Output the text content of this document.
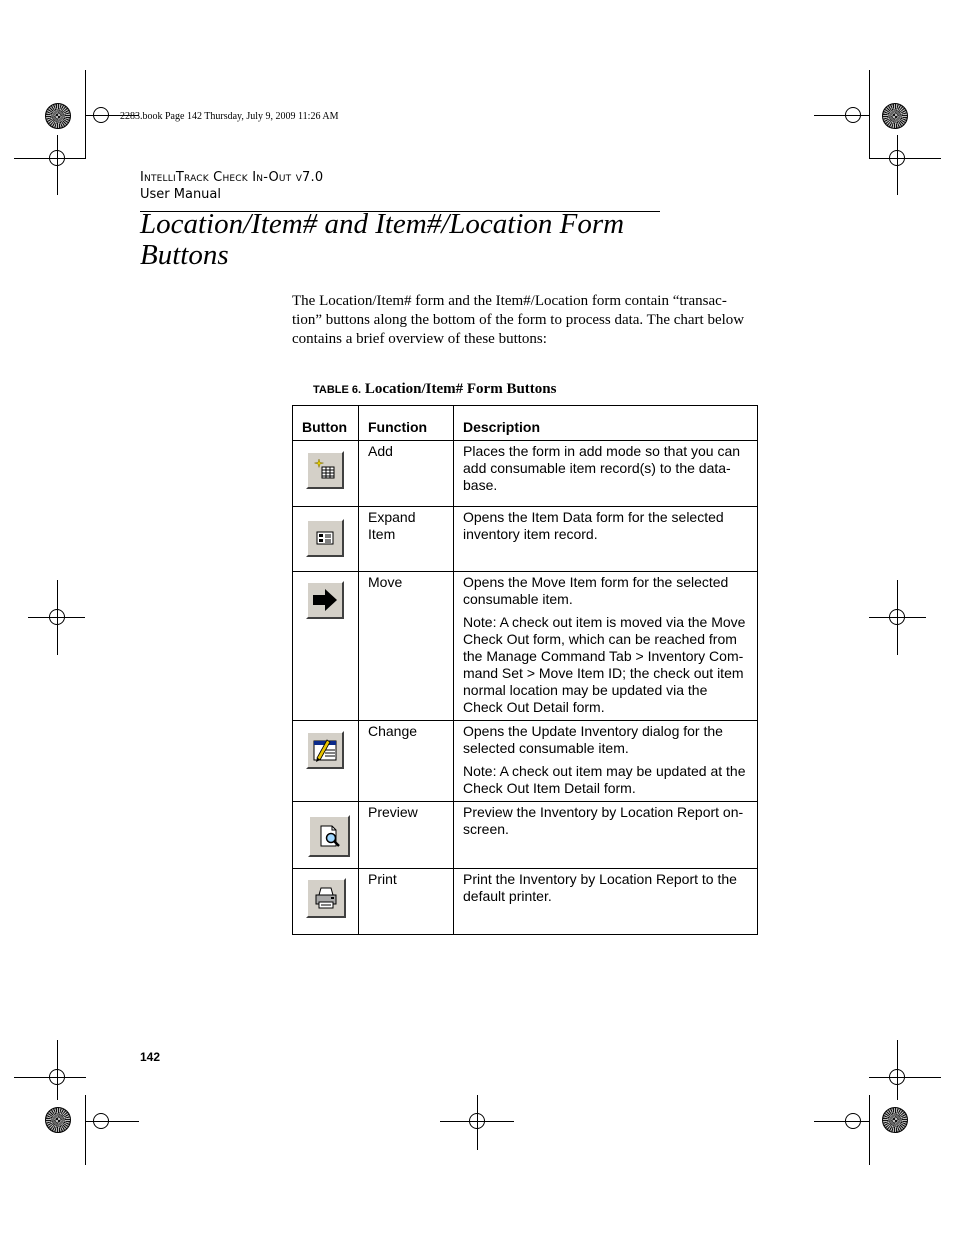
2283.book Page 142 Thursday, July 9, 2009 11:26 AM
IntelliTrack Check In-Out v7.0
User Manual
Location/Item# and Item#/Location Form
Buttons
The Location/Item# form and the Item#/Location form contain “transac-
tion” buttons along the bottom of the form to process data. The chart below
contains a brief overview of these buttons:
TABLE 6. Location/Item# Form Buttons
Button	Function	Description

	Add	Places the form in add mode so that you can add consumable item record(s) to the data-base.

	Expand Item	Opens the Item Data form for the selected inventory item record.

	Move	Opens the Move Item form for the selected consumable item.

Note: A check out item is moved via the Move Check Out form, which can be reached from the Manage Command Tab > Inventory Com-mand Set > Move Item ID; the check out item normal location may be updated via the Check Out Detail form.

	Change	Opens the Update Inventory dialog for the selected consumable item.

Note: A check out item may be updated at the Check Out Item Detail form.

	Preview	Preview the Inventory by Location Report on-screen.

	Print	Print the Inventory by Location Report to the default printer.

142
